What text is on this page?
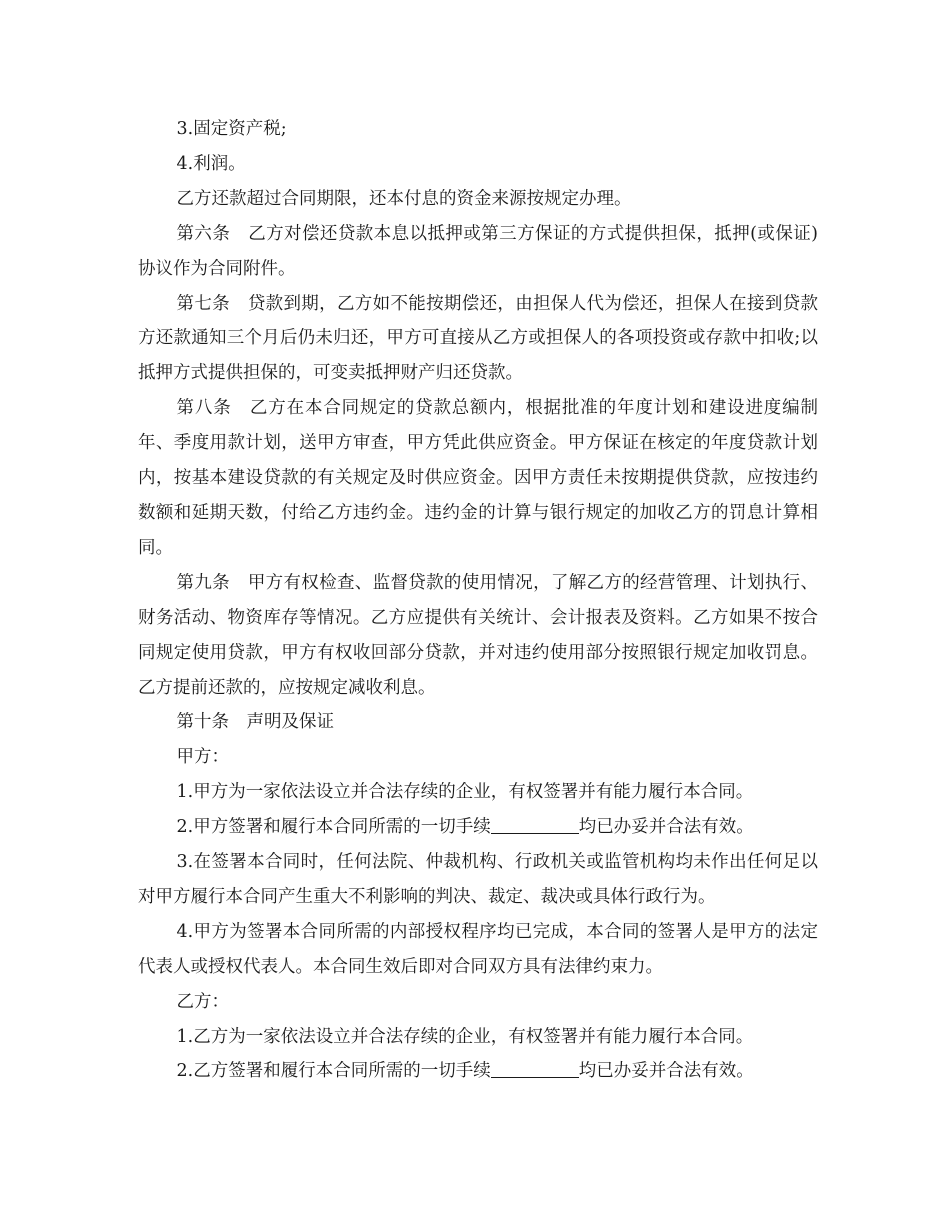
3.固定资产税;

4.利润。

乙方还款超过合同期限，还本付息的资金来源按规定办理。

第六条　乙方对偿还贷款本息以抵押或第三方保证的方式提供担保，抵押(或保证)协议作为合同附件。

第七条　贷款到期，乙方如不能按期偿还，由担保人代为偿还，担保人在接到贷款方还款通知三个月后仍未归还，甲方可直接从乙方或担保人的各项投资或存款中扣收;以抵押方式提供担保的，可变卖抵押财产归还贷款。

第八条　乙方在本合同规定的贷款总额内，根据批准的年度计划和建设进度编制年、季度用款计划，送甲方审查，甲方凭此供应资金。甲方保证在核定的年度贷款计划内，按基本建设贷款的有关规定及时供应资金。因甲方责任未按期提供贷款，应按违约数额和延期天数，付给乙方违约金。违约金的计算与银行规定的加收乙方的罚息计算相同。

第九条　甲方有权检查、监督贷款的使用情况，了解乙方的经营管理、计划执行、财务活动、物资库存等情况。乙方应提供有关统计、会计报表及资料。乙方如果不按合同规定使用贷款，甲方有权收回部分贷款，并对违约使用部分按照银行规定加收罚息。乙方提前还款的，应按规定减收利息。

第十条　声明及保证

甲方：

1.甲方为一家依法设立并合法存续的企业，有权签署并有能力履行本合同。

2.甲方签署和履行本合同所需的一切手续	均已办妥并合法有效。

3.在签署本合同时，任何法院、仲裁机构、行政机关或监管机构均未作出任何足以对甲方履行本合同产生重大不利影响的判决、裁定、裁决或具体行政行为。

4.甲方为签署本合同所需的内部授权程序均已完成，本合同的签署人是甲方的法定代表人或授权代表人。本合同生效后即对合同双方具有法律约束力。

乙方：

1.乙方为一家依法设立并合法存续的企业，有权签署并有能力履行本合同。

2.乙方签署和履行本合同所需的一切手续	均已办妥并合法有效。
